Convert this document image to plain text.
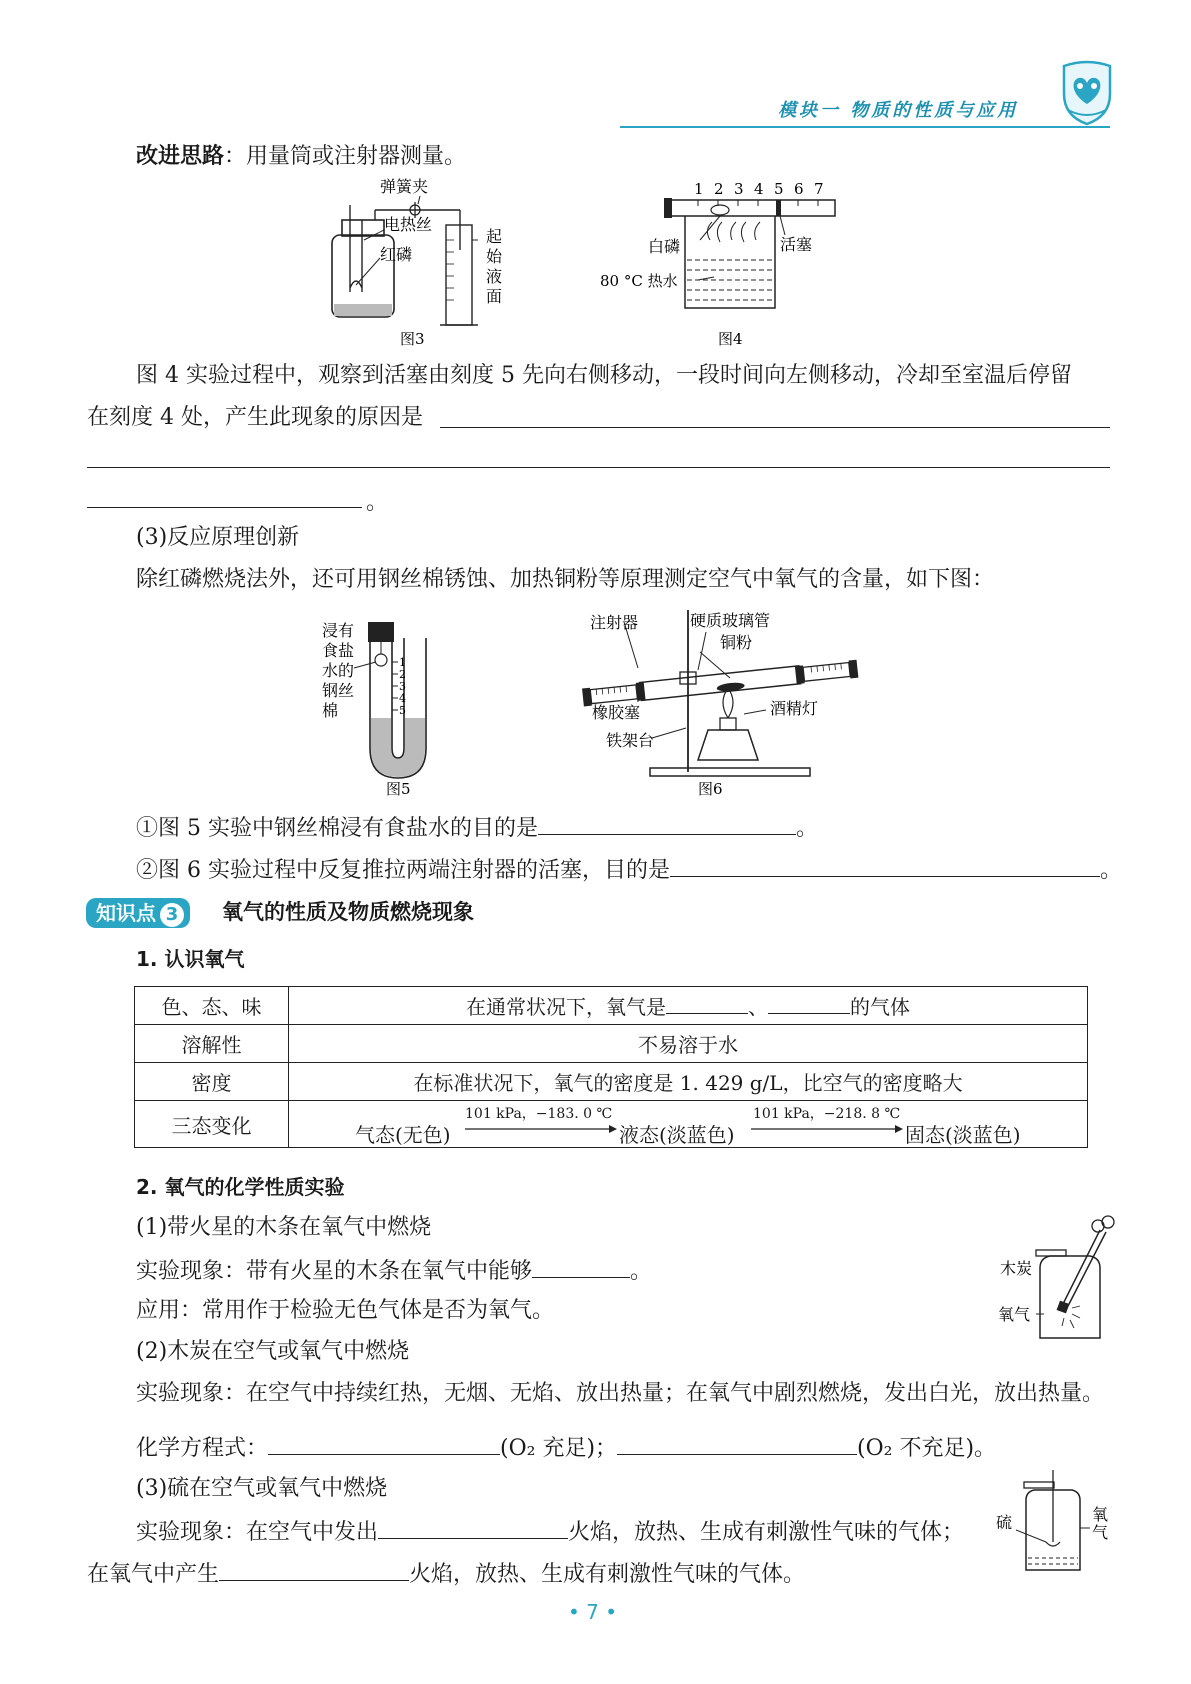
模块一 物质的性质与应用
改进思路：用量筒或注射器测量。
弹簧夹
电热丝
红磷
起
始
液
面
图3
1 2 3 4 5 6 7
白磷	活塞
80 °C 热水
图4
图 4 实验过程中，观察到活塞由刻度 5 先向右侧移动，一段时间向左侧移动，冷却至室温后停留
在刻度 4 处，产生此现象的原因是
。
(3)反应原理创新
除红磷燃烧法外，还可用钢丝棉锈蚀、加热铜粉等原理测定空气中氧气的含量，如下图：
浸有
食盐
水的
钢丝
棉
1
2
3
4
5
图5
硬质玻璃管
铜粉
注射器
橡胶塞	酒精灯
铁架台
图6
①图 5 实验中钢丝棉浸有食盐水的目的是	。
②图 6 实验过程中反复推拉两端注射器的活塞，目的是	。
知识点 3	氧气的性质及物质燃烧现象
1. 认识氧气
色、态、味	在通常状况下，氧气是 、 的气体
溶解性	不易溶于水
密度	在标准状况下，氧气的密度是 1. 429 g/L，比空气的密度略大
三态变化	气态(无色)
101 kPa，−183. 0 ℃
液态(淡蓝色)
101 kPa，−218. 8 ℃
固态(淡蓝色)
2. 氧气的化学性质实验
(1)带火星的木条在氧气中燃烧
实验现象：带有火星的木条在氧气中能够	。
应用：常用作于检验无色气体是否为氧气。
木炭
氧气
(2)木炭在空气或氧气中燃烧
实验现象：在空气中持续红热，无烟、无焰、放出热量；在氧气中剧烈燃烧，发出白光，放出热量。
化学方程式：	(O₂ 充足)；	(O₂ 不充足)。
(3)硫在空气或氧气中燃烧
实验现象：在空气中发出	火焰，放热、生成有刺激性气味的气体；
在氧气中产生	火焰，放热、生成有刺激性气味的气体。
硫	氧
气
• 7 •
